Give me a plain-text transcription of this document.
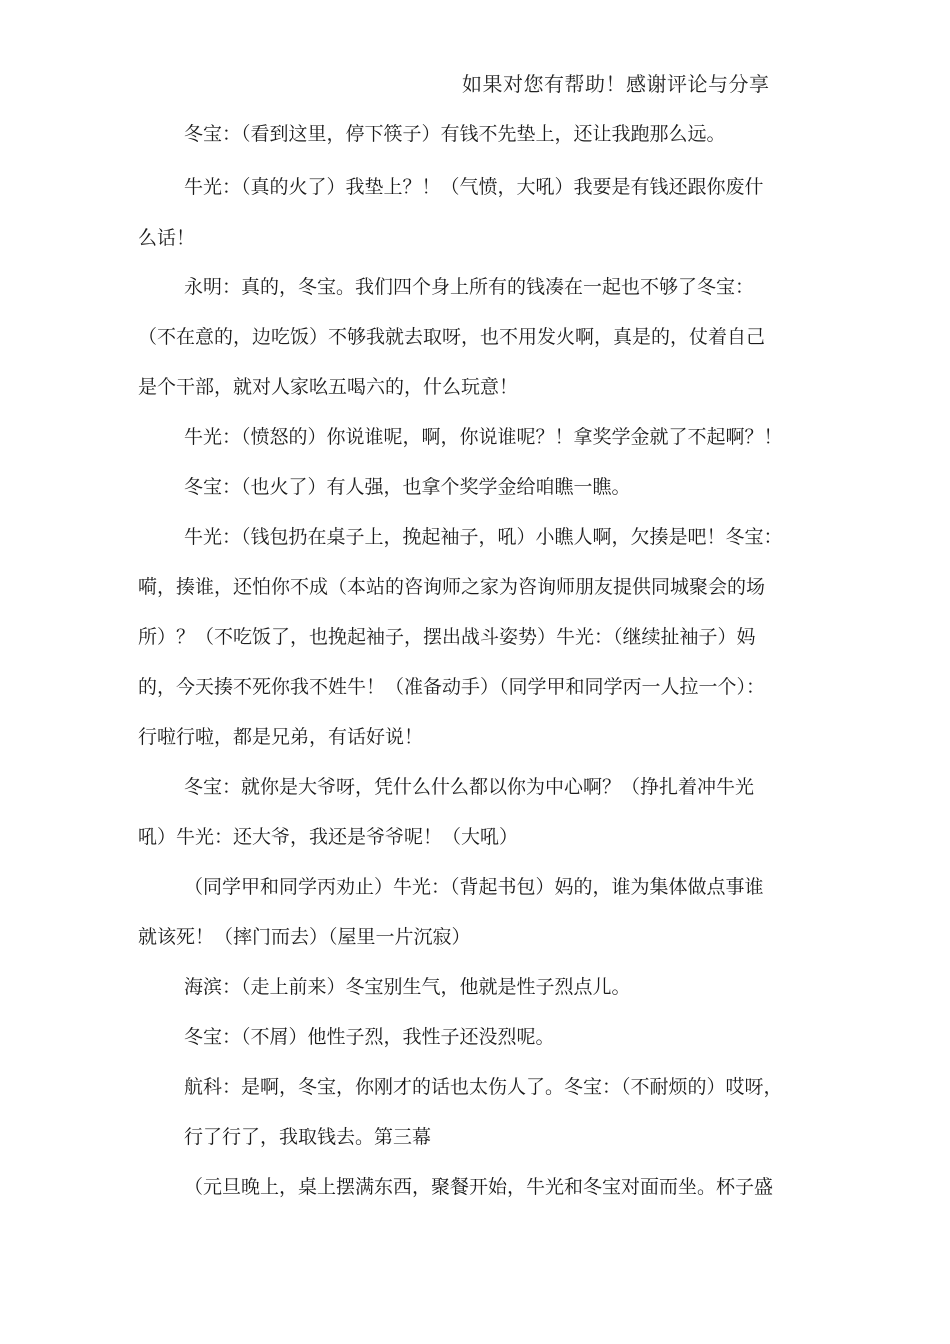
如果对您有帮助！感谢评论与分享
冬宝：（看到这里，停下筷子）有钱不先垫上，还让我跑那么远。
牛光：（真的火了）我垫上？！（气愤，大吼）我要是有钱还跟你废什
么话！
永明：真的，冬宝。我们四个身上所有的钱凑在一起也不够了冬宝：
（不在意的，边吃饭）不够我就去取呀，也不用发火啊，真是的，仗着自己
是个干部，就对人家吆五喝六的，什么玩意！
牛光：（愤怒的）你说谁呢，啊，你说谁呢？！拿奖学金就了不起啊？！
冬宝：（也火了）有人强，也拿个奖学金给咱瞧一瞧。
牛光：（钱包扔在桌子上，挽起袖子，吼）小瞧人啊，欠揍是吧！冬宝：
嗬，揍谁，还怕你不成（本站的咨询师之家为咨询师朋友提供同城聚会的场
所）？（不吃饭了，也挽起袖子，摆出战斗姿势）牛光：（继续扯袖子）妈
的，今天揍不死你我不姓牛！（准备动手）（同学甲和同学丙一人拉一个）：
行啦行啦，都是兄弟，有话好说！
冬宝：就你是大爷呀，凭什么什么都以你为中心啊？（挣扎着冲牛光
吼）牛光：还大爷，我还是爷爷呢！（大吼）
（同学甲和同学丙劝止）牛光：（背起书包）妈的，谁为集体做点事谁
就该死！（摔门而去）（屋里一片沉寂）
海滨：（走上前来）冬宝别生气，他就是性子烈点儿。
冬宝：（不屑）他性子烈，我性子还没烈呢。
航科：是啊，冬宝，你刚才的话也太伤人了。冬宝：（不耐烦的）哎呀，
行了行了，我取钱去。第三幕
（元旦晚上，桌上摆满东西，聚餐开始，牛光和冬宝对面而坐。杯子盛
